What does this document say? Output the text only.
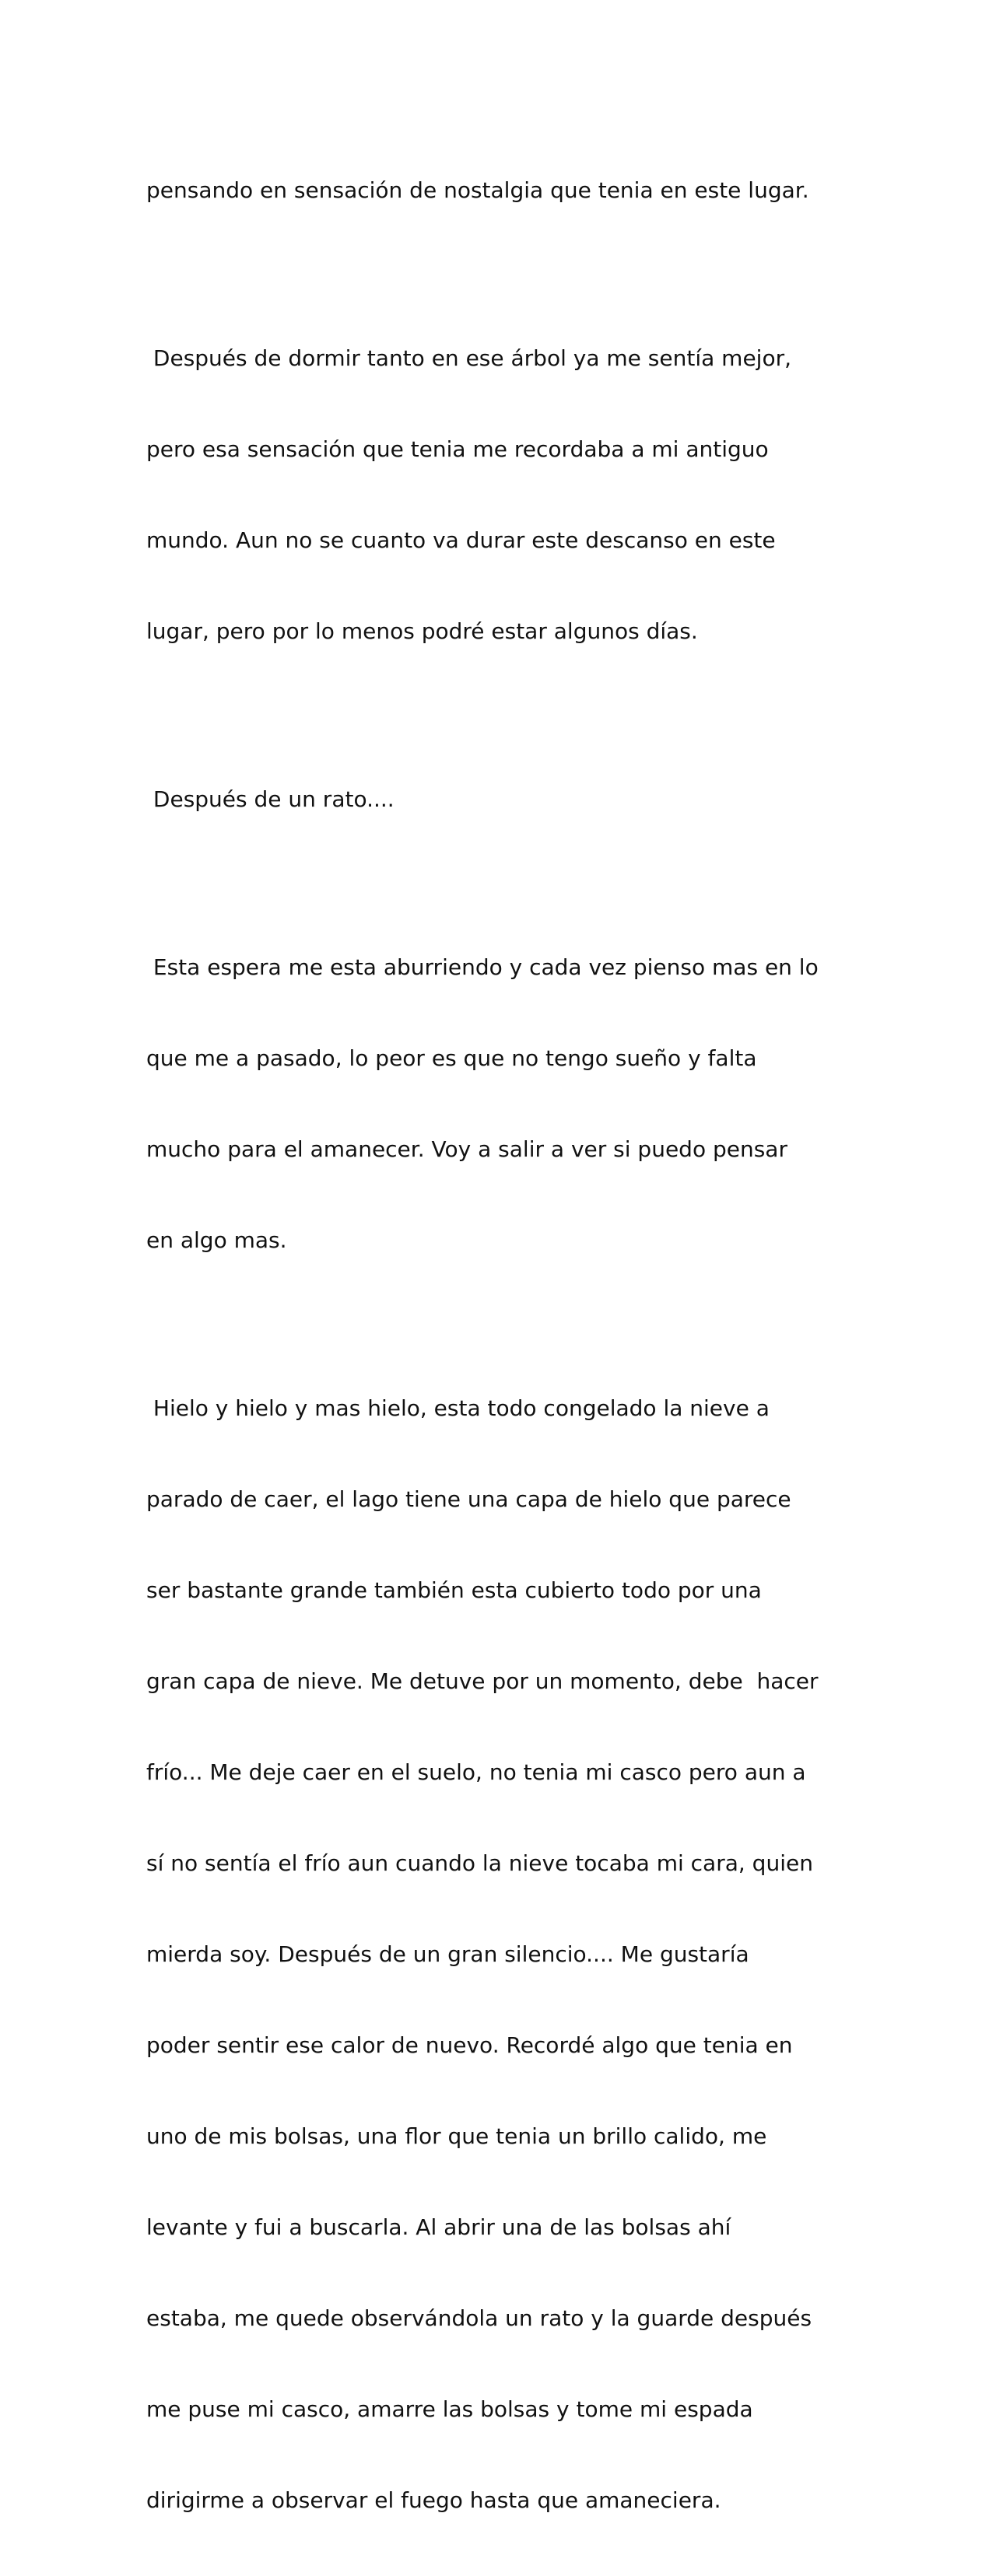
pensando en sensación de nostalgia que tenia en este lugar.

Después de dormir tanto en ese árbol ya me sentía mejor,

pero esa sensación que tenia me recordaba a mi antiguo

mundo. Aun no se cuanto va durar este descanso en este

lugar, pero por lo menos podré estar algunos días.

Después de un rato....

Esta espera me esta aburriendo y cada vez pienso mas en lo

que me a pasado, lo peor es que no tengo sueño y falta

mucho para el amanecer. Voy a salir a ver si puedo pensar

en algo mas.

Hielo y hielo y mas hielo, esta todo congelado la nieve a

parado de caer, el lago tiene una capa de hielo que parece

ser bastante grande también esta cubierto todo por una

gran capa de nieve. Me detuve por un momento, debe  hacer

frío... Me deje caer en el suelo, no tenia mi casco pero aun a

sí no sentía el frío aun cuando la nieve tocaba mi cara, quien

mierda soy. Después de un gran silencio.... Me gustaría

poder sentir ese calor de nuevo. Recordé algo que tenia en

uno de mis bolsas, una flor que tenia un brillo calido, me

levante y fui a buscarla. Al abrir una de las bolsas ahí

estaba, me quede observándola un rato y la guarde después

me puse mi casco, amarre las bolsas y tome mi espada

dirigirme a observar el fuego hasta que amaneciera.
